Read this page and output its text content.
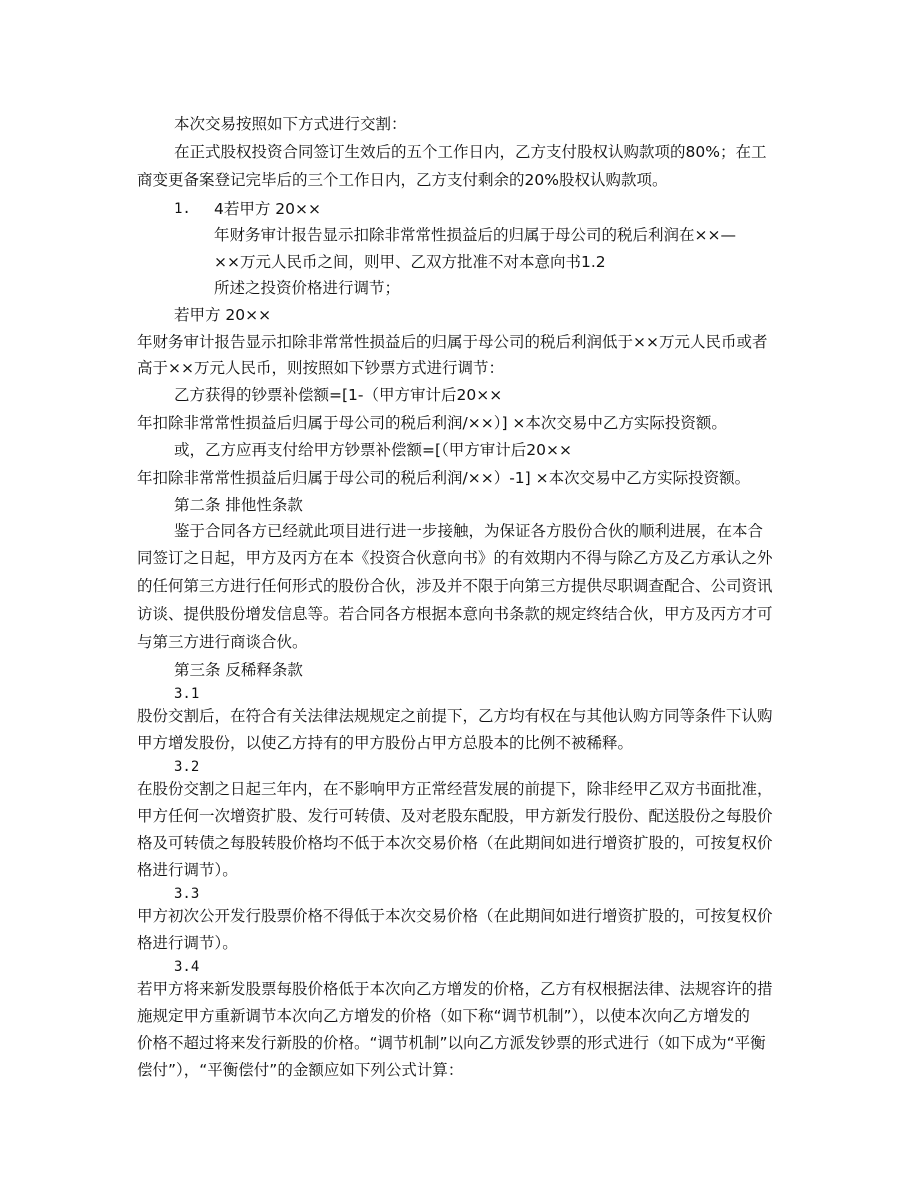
本次交易按照如下方式进行交割：
在正式股权投资合同签订生效后的五个工作日内，乙方支付股权认购款项的80%；在工
商变更备案登记完毕后的三个工作日内，乙方支付剩余的20%股权认购款项。
1. 4若甲方 20××
年财务审计报告显示扣除非常常性损益后的归属于母公司的税后利润在××—
××万元人民币之间，则甲、乙双方批准不对本意向书1.2
所述之投资价格进行调节；
若甲方 20××
年财务审计报告显示扣除非常常性损益后的归属于母公司的税后利润低于××万元人民币或者
高于××万元人民币，则按照如下钞票方式进行调节：
乙方获得的钞票补偿额=[1-（甲方审计后20××
年扣除非常常性损益后归属于母公司的税后利润/××）] ×本次交易中乙方实际投资额。
或，乙方应再支付给甲方钞票补偿额=[（甲方审计后20××
年扣除非常常性损益后归属于母公司的税后利润/××）-1] ×本次交易中乙方实际投资额。
第二条 排他性条款
鉴于合同各方已经就此项目进行进一步接触，为保证各方股份合伙的顺利进展，在本合
同签订之日起，甲方及丙方在本《投资合伙意向书》的有效期内不得与除乙方及乙方承认之外
的任何第三方进行任何形式的股份合伙，涉及并不限于向第三方提供尽职调查配合、公司资讯
访谈、提供股份增发信息等。若合同各方根据本意向书条款的规定终结合伙，甲方及丙方才可
与第三方进行商谈合伙。
第三条 反稀释条款
3.1
股份交割后，在符合有关法律法规规定之前提下，乙方均有权在与其他认购方同等条件下认购
甲方增发股份，以使乙方持有的甲方股份占甲方总股本的比例不被稀释。
3.2
在股份交割之日起三年内，在不影响甲方正常经营发展的前提下，除非经甲乙双方书面批准，
甲方任何一次增资扩股、发行可转债、及对老股东配股，甲方新发行股份、配送股份之每股价
格及可转债之每股转股价格均不低于本次交易价格（在此期间如进行增资扩股的，可按复权价
格进行调节）。
3.3
甲方初次公开发行股票价格不得低于本次交易价格（在此期间如进行增资扩股的，可按复权价
格进行调节）。
3.4
若甲方将来新发股票每股价格低于本次向乙方增发的价格，乙方有权根据法律、法规容许的措
施规定甲方重新调节本次向乙方增发的价格（如下称“调节机制”），以使本次向乙方增发的
价格不超过将来发行新股的价格。“调节机制”以向乙方派发钞票的形式进行（如下成为“平衡
偿付”），“平衡偿付”的金额应如下列公式计算：
